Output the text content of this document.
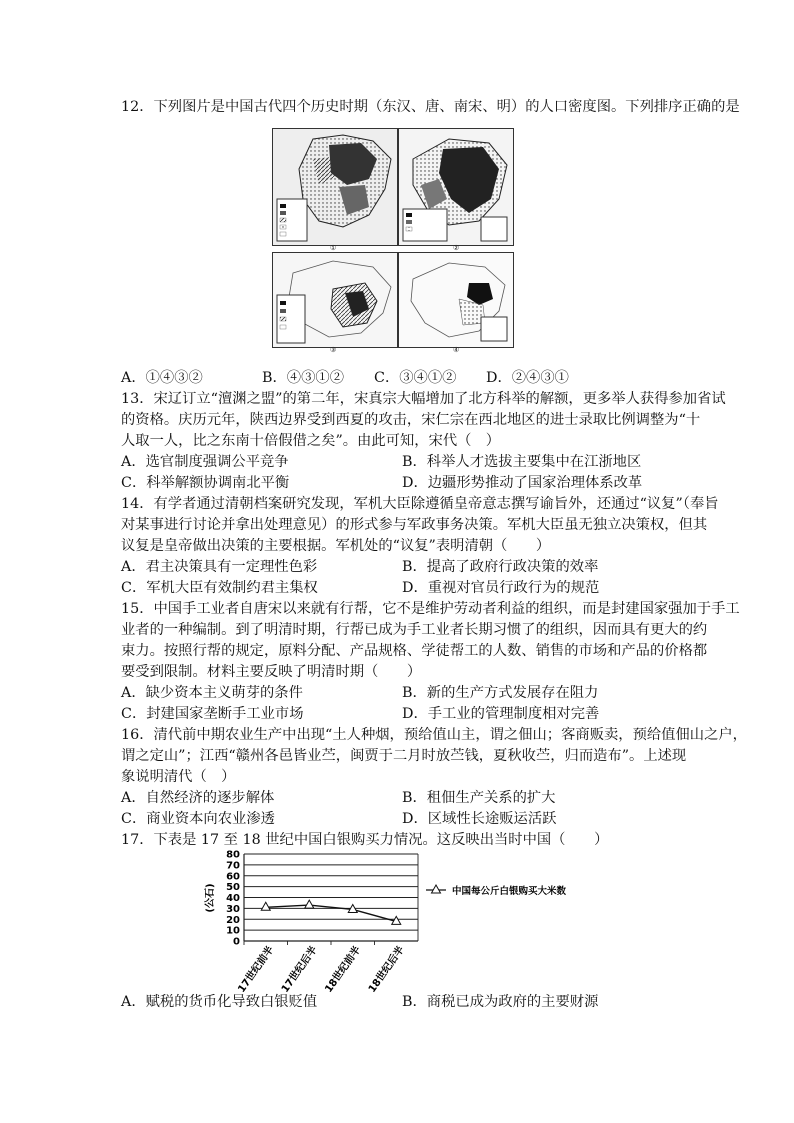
12．下列图片是中国古代四个历史时期（东汉、唐、南宋、明）的人口密度图。下列排序正确的是
①	②
③	④
A．①④③②	B．④③①② C．③④①② D．②④③①
13．宋辽订立“澶渊之盟”的第二年，宋真宗大幅增加了北方科举的解额，更多举人获得参加省试
的资格。庆历元年，陕西边界受到西夏的攻击，宋仁宗在西北地区的进士录取比例调整为“十
人取一人，比之东南十倍假借之矣”。由此可知，宋代（　）
A．选官制度强调公平竞争	B．科举人才选拔主要集中在江浙地区
C．科举解额协调南北平衡	D．边疆形势推动了国家治理体系改革
14．有学者通过清朝档案研究发现，军机大臣除遵循皇帝意志撰写谕旨外，还通过“议复”（奉旨
对某事进行讨论并拿出处理意见）的形式参与军政事务决策。军机大臣虽无独立决策权，但其
议复是皇帝做出决策的主要根据。军机处的“议复”表明清朝（　　）
A．君主决策具有一定理性色彩	B．提高了政府行政决策的效率
C．军机大臣有效制约君主集权	D．重视对官员行政行为的规范
15．中国手工业者自唐宋以来就有行帮，它不是维护劳动者利益的组织，而是封建国家强加于手工
业者的一种编制。到了明清时期，行帮已成为手工业者长期习惯了的组织，因而具有更大的约
束力。按照行帮的规定，原料分配、产品规格、学徒帮工的人数、销售的市场和产品的价格都
要受到限制。材料主要反映了明清时期（　　）
A．缺少资本主义萌芽的条件	B．新的生产方式发展存在阻力
C．封建国家垄断手工业市场	D．手工业的管理制度相对完善
16．清代前中期农业生产中出现“土人种烟，预给值山主，谓之佃山；客商贩卖，预给值佃山之户，
谓之定山”；江西“赣州各邑皆业苎，闽贾于二月时放苎钱，夏秋收苎，归而造布”。上述现
象说明清代（　）
A．自然经济的逐步解体	B．租佃生产关系的扩大
C．商业资本向农业渗透	D．区域性长途贩运活跃
17．下表是 17 至 18 世纪中国白银购买力情况。这反映出当时中国（　　）
0
10
20
30
40
50
60
70
80
17世纪前半 17世纪后半 18世纪前半 18世纪后半
(公石)	中国每公斤白银购买大米数
A．赋税的货币化导致白银贬值	B．商税已成为政府的主要财源
